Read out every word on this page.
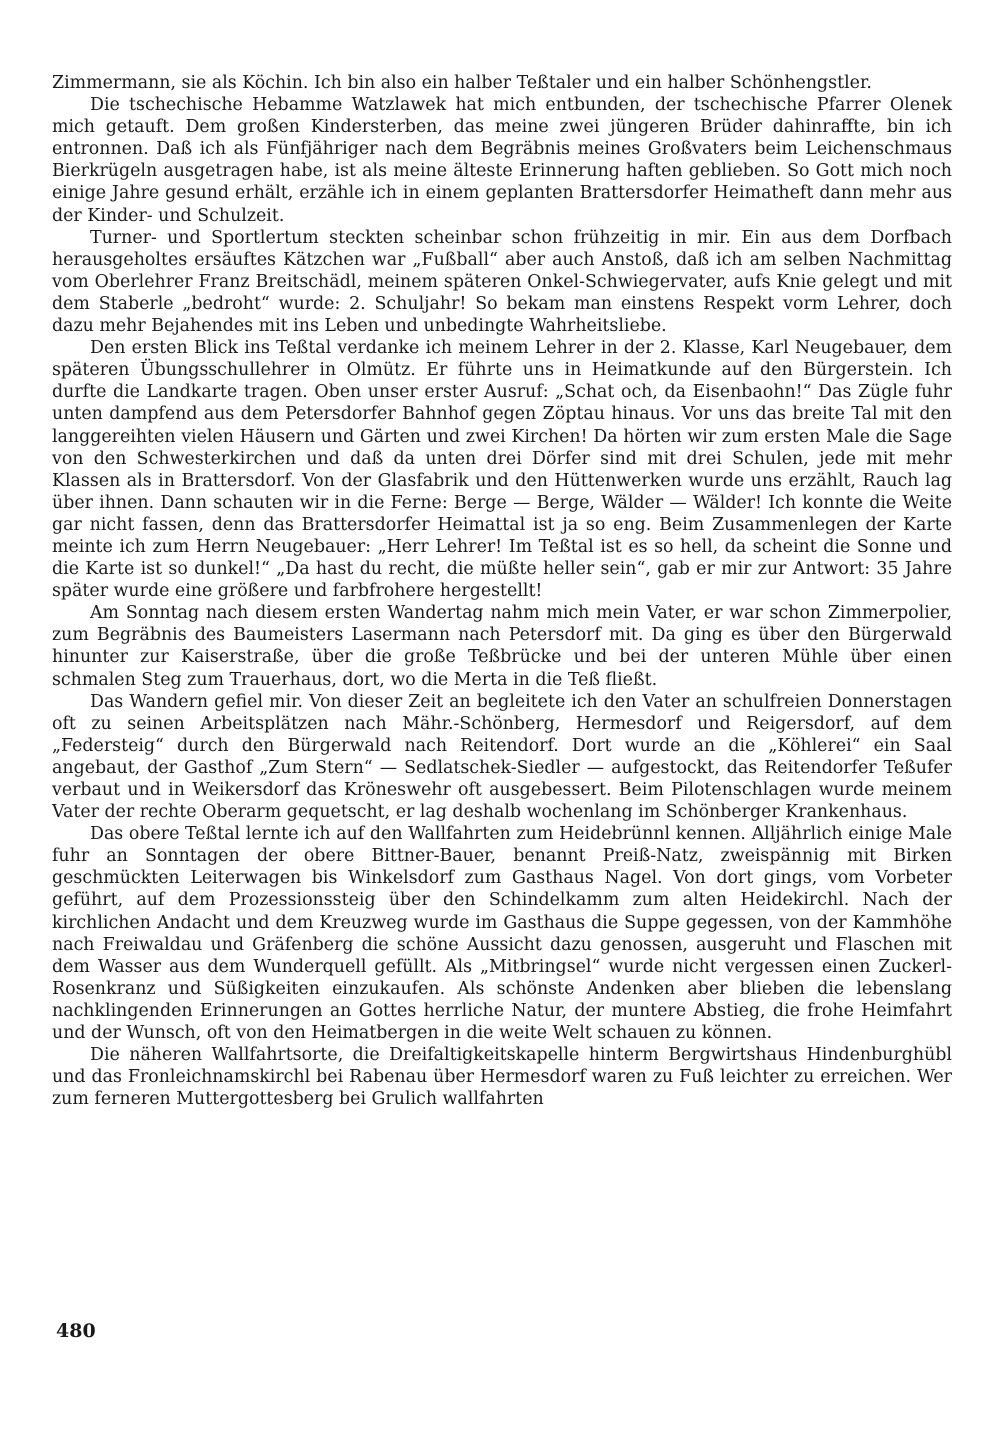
Zimmermann, sie als Köchin. Ich bin also ein halber Teßtaler und ein halber Schönhengstler.

Die tschechische Hebamme Watzlawek hat mich entbunden, der tschechische Pfarrer Olenek mich getauft. Dem großen Kindersterben, das meine zwei jüngeren Brüder dahinraffte, bin ich entronnen. Daß ich als Fünfjähriger nach dem Begräbnis meines Großvaters beim Leichenschmaus Bierkrügeln ausgetragen habe, ist als meine älteste Erinnerung haften geblieben. So Gott mich noch einige Jahre gesund erhält, erzähle ich in einem geplanten Brattersdorfer Heimatheft dann mehr aus der Kinder- und Schulzeit.

Turner- und Sportlertum steckten scheinbar schon frühzeitig in mir. Ein aus dem Dorfbach herausgeholtes ersäuftes Kätzchen war „Fußball“ aber auch Anstoß, daß ich am selben Nachmittag vom Oberlehrer Franz Breitschädl, meinem späteren Onkel-Schwiegervater, aufs Knie gelegt und mit dem Staberle „bedroht“ wurde: 2. Schuljahr! So bekam man einstens Respekt vorm Lehrer, doch dazu mehr Bejahendes mit ins Leben und unbedingte Wahrheitsliebe.

Den ersten Blick ins Teßtal verdanke ich meinem Lehrer in der 2. Klasse, Karl Neugebauer, dem späteren Übungsschullehrer in Olmütz. Er führte uns in Heimatkunde auf den Bürgerstein. Ich durfte die Landkarte tragen. Oben unser erster Ausruf: „Schat och, da Eisenbaohn!“ Das Zügle fuhr unten dampfend aus dem Petersdorfer Bahnhof gegen Zöptau hinaus. Vor uns das breite Tal mit den langgereihten vielen Häusern und Gärten und zwei Kirchen! Da hörten wir zum ersten Male die Sage von den Schwesterkirchen und daß da unten drei Dörfer sind mit drei Schulen, jede mit mehr Klassen als in Brattersdorf. Von der Glasfabrik und den Hüttenwerken wurde uns erzählt, Rauch lag über ihnen. Dann schauten wir in die Ferne: Berge — Berge, Wälder — Wälder! Ich konnte die Weite gar nicht fassen, denn das Brattersdorfer Heimattal ist ja so eng. Beim Zusammenlegen der Karte meinte ich zum Herrn Neugebauer: „Herr Lehrer! Im Teßtal ist es so hell, da scheint die Sonne und die Karte ist so dunkel!“ „Da hast du recht, die müßte heller sein“, gab er mir zur Antwort: 35 Jahre später wurde eine größere und farbfrohere hergestellt!

Am Sonntag nach diesem ersten Wandertag nahm mich mein Vater, er war schon Zimmerpolier, zum Begräbnis des Baumeisters Lasermann nach Petersdorf mit. Da ging es über den Bürgerwald hinunter zur Kaiserstraße, über die große Teßbrücke und bei der unteren Mühle über einen schmalen Steg zum Trauerhaus, dort, wo die Merta in die Teß fließt.

Das Wandern gefiel mir. Von dieser Zeit an begleitete ich den Vater an schulfreien Donnerstagen oft zu seinen Arbeitsplätzen nach Mähr.-Schönberg, Hermesdorf und Reigersdorf, auf dem „Federsteig“ durch den Bürgerwald nach Reitendorf. Dort wurde an die „Köhlerei“ ein Saal angebaut, der Gasthof „Zum Stern“ — Sedlatschek-Siedler — aufgestockt, das Reitendorfer Teßufer verbaut und in Weikersdorf das Kröneswehr oft ausgebessert. Beim Pilotenschlagen wurde meinem Vater der rechte Oberarm gequetscht, er lag deshalb wochenlang im Schönberger Krankenhaus.

Das obere Teßtal lernte ich auf den Wallfahrten zum Heidebrünnl kennen. Alljährlich einige Male fuhr an Sonntagen der obere Bittner-Bauer, benannt Preiß-Natz, zweispännig mit Birken geschmückten Leiterwagen bis Winkelsdorf zum Gasthaus Nagel. Von dort gings, vom Vorbeter geführt, auf dem Prozessionssteig über den Schindelkamm zum alten Heidekirchl. Nach der kirchlichen Andacht und dem Kreuzweg wurde im Gasthaus die Suppe gegessen, von der Kammhöhe nach Freiwaldau und Gräfenberg die schöne Aussicht dazu genossen, ausgeruht und Flaschen mit dem Wasser aus dem Wunderquell gefüllt. Als „Mitbringsel“ wurde nicht vergessen einen Zuckerl-Rosenkranz und Süßigkeiten einzukaufen. Als schönste Andenken aber blieben die lebenslang nachklingenden Erinnerungen an Gottes herrliche Natur, der muntere Abstieg, die frohe Heimfahrt und der Wunsch, oft von den Heimatbergen in die weite Welt schauen zu können.

Die näheren Wallfahrtsorte, die Dreifaltigkeitskapelle hinterm Bergwirtshaus Hindenburghübl und das Fronleichnamskirchl bei Rabenau über Hermesdorf waren zu Fuß leichter zu erreichen. Wer zum ferneren Muttergottesberg bei Grulich wallfahrten

480
